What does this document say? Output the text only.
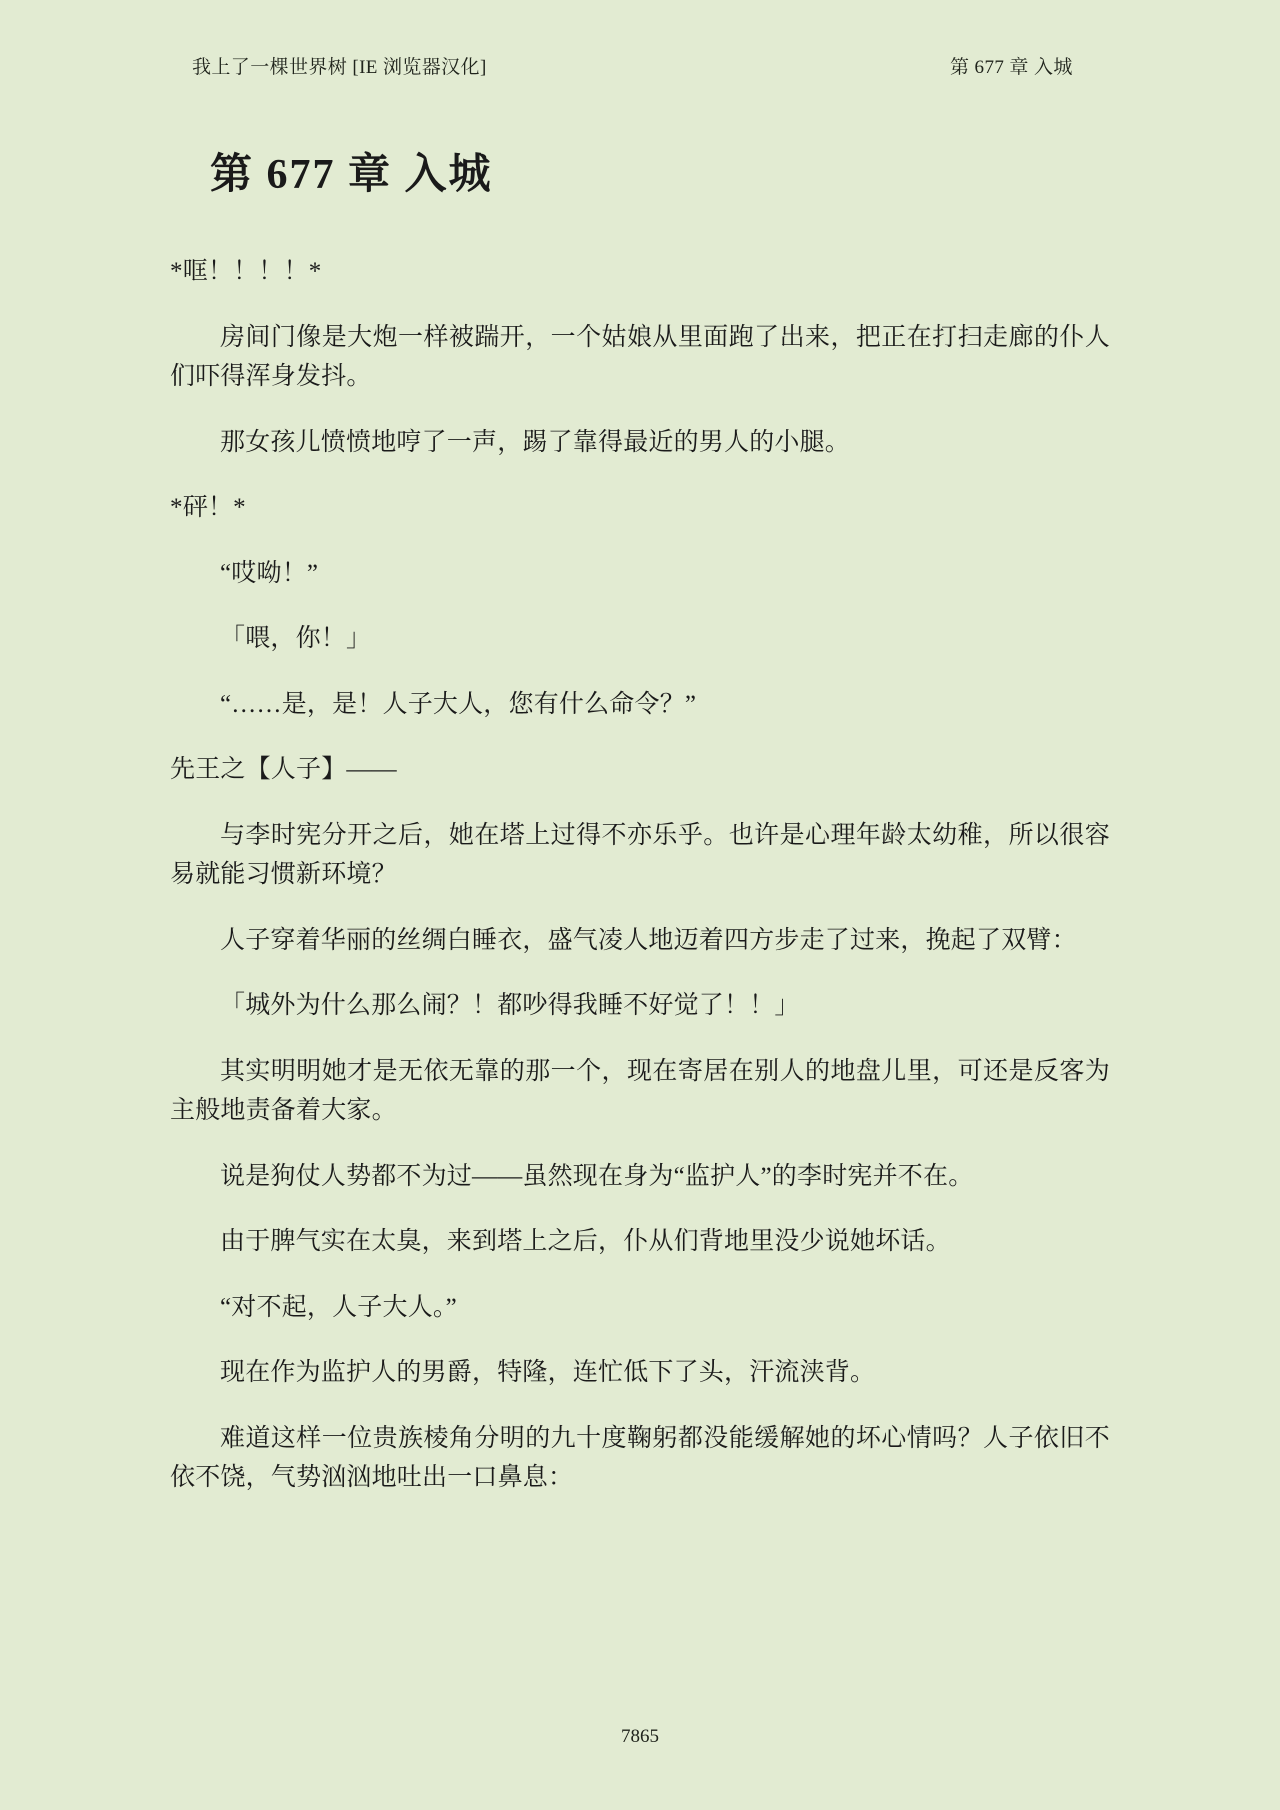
我上了一棵世界树 [IE 浏览器汉化]	第 677 章 入城
第 677 章 入城

*哐！！！！*

房间门像是大炮一样被踹开，一个姑娘从里面跑了出来，把正在打扫走廊的仆人们吓得浑身发抖。

那女孩儿愤愤地哼了一声，踢了靠得最近的男人的小腿。

*砰！*

“哎呦！”

「喂，你！」

“……是，是！人子大人，您有什么命令？”

先王之【人子】——

与李时宪分开之后，她在塔上过得不亦乐乎。也许是心理年龄太幼稚，所以很容易就能习惯新环境？

人子穿着华丽的丝绸白睡衣，盛气凌人地迈着四方步走了过来，挽起了双臂：

「城外为什么那么闹？！都吵得我睡不好觉了！！」

其实明明她才是无依无靠的那一个，现在寄居在别人的地盘儿里，可还是反客为主般地责备着大家。

说是狗仗人势都不为过——虽然现在身为“监护人”的李时宪并不在。

由于脾气实在太臭，来到塔上之后，仆从们背地里没少说她坏话。

“对不起，人子大人。”

现在作为监护人的男爵，特隆，连忙低下了头，汗流浃背。

难道这样一位贵族棱角分明的九十度鞠躬都没能缓解她的坏心情吗？人子依旧不依不饶，气势汹汹地吐出一口鼻息：

7865
